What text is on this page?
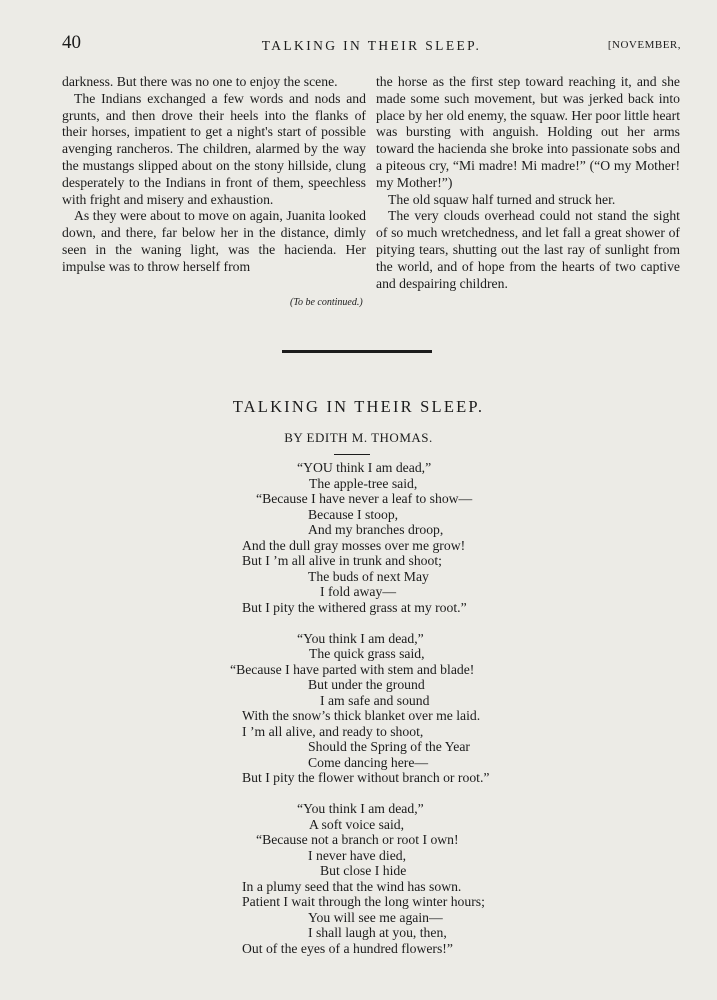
40	TALKING IN THEIR SLEEP.	[NOVEMBER,

darkness. But there was no one to enjoy the scene.

The Indians exchanged a few words and nods and grunts, and then drove their heels into the flanks of their horses, impatient to get a night's start of possible avenging rancheros. The children, alarmed by the way the mustangs slipped about on the stony hillside, clung desperately to the Indians in front of them, speechless with fright and misery and exhaustion.

As they were about to move on again, Juanita looked down, and there, far below her in the distance, dimly seen in the waning light, was the hacienda. Her impulse was to throw herself from

the horse as the first step toward reaching it, and she made some such movement, but was jerked back into place by her old enemy, the squaw. Her poor little heart was bursting with anguish. Holding out her arms toward the hacienda she broke into passionate sobs and a piteous cry, “Mi madre! Mi madre!” (“O my Mother! my Mother!”)

The old squaw half turned and struck her.

The very clouds overhead could not stand the sight of so much wretchedness, and let fall a great shower of pitying tears, shutting out the last ray of sunlight from the world, and of hope from the hearts of two captive and despairing children.

(To be continued.)
TALKING IN THEIR SLEEP.
BY EDITH M. THOMAS.
“YOU think I am dead,”
The apple-tree said,
“Because I have never a leaf to show—
Because I stoop,
And my branches droop,
And the dull gray mosses over me grow!
But I ’m all alive in trunk and shoot;
The buds of next May
I fold away—
But I pity the withered grass at my root.”
“You think I am dead,”
The quick grass said,
“Because I have parted with stem and blade!
But under the ground
I am safe and sound
With the snow’s thick blanket over me laid.
I ’m all alive, and ready to shoot,
Should the Spring of the Year
Come dancing here—
But I pity the flower without branch or root.”
“You think I am dead,”
A soft voice said,
“Because not a branch or root I own!
I never have died,
But close I hide
In a plumy seed that the wind has sown.
Patient I wait through the long winter hours;
You will see me again—
I shall laugh at you, then,
Out of the eyes of a hundred flowers!”
